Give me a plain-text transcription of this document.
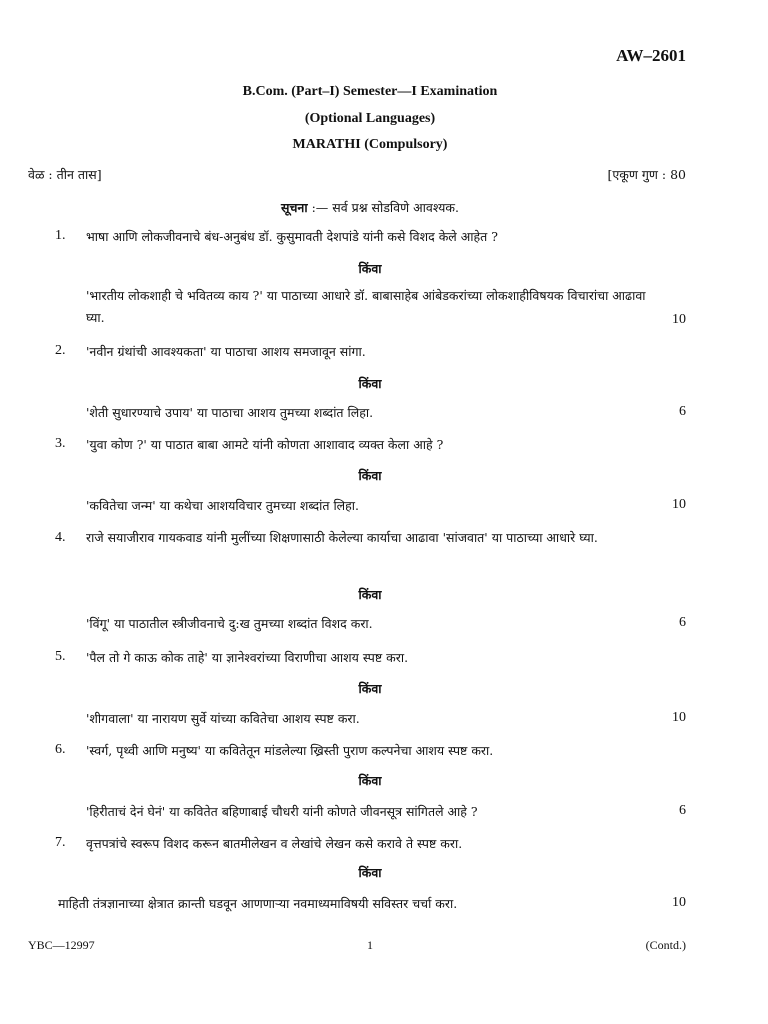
AW–2601
B.Com. (Part–I) Semester—I Examination
(Optional Languages)
MARATHI (Compulsory)
वेळ : तीन तास]	[एकूण गुण : 80
सूचना :— सर्व प्रश्न सोडविणे आवश्यक.
1. भाषा आणि लोकजीवनाचे बंध-अनुबंध डॉ. कुसुमावती देशपांडे यांनी कसे विशद केले आहेत ?
किंवा
'भारतीय लोकशाही चे भवितव्य काय ?' या पाठाच्या आधारे डॉ. बाबासाहेब आंबेडकरांच्या लोकशाहीविषयक विचारांचा आढावा घ्या.	10
2. 'नवीन ग्रंथांची आवश्यकता' या पाठाचा आशय समजावून सांगा.
किंवा
'शेती सुधारण्याचे उपाय' या पाठाचा आशय तुमच्या शब्दांत लिहा.	6
3. 'युवा कोण ?' या पाठात बाबा आमटे यांनी कोणता आशावाद व्यक्त केला आहे ?
किंवा
'कवितेचा जन्म' या कथेचा आशयविचार तुमच्या शब्दांत लिहा.	10
4. राजे सयाजीराव गायकवाड यांनी मुलींच्या शिक्षणासाठी केलेल्या कार्याचा आढावा 'सांजवात' या पाठाच्या आधारे घ्या.
किंवा
'विंगू' या पाठातील स्त्रीजीवनाचे दु:ख तुमच्या शब्दांत विशद करा.	6
5. 'पैल तो गे काऊ कोक ताहे' या ज्ञानेश्वरांच्या विराणीचा आशय स्पष्ट करा.
किंवा
'शीगवाला' या नारायण सुर्वे यांच्या कवितेचा आशय स्पष्ट करा.	10
6. 'स्वर्ग, पृथ्वी आणि मनुष्य' या कवितेतून मांडलेल्या ख्रिस्ती पुराण कल्पनेचा आशय स्पष्ट करा.
किंवा
'हिरीताचं देनं घेनं' या कवितेत बहिणाबाई चौधरी यांनी कोणते जीवनसूत्र सांगितले आहे ?	6
7. वृत्तपत्रांचे स्वरूप विशद करून बातमीलेखन व लेखांचे लेखन कसे करावे ते स्पष्ट करा.
किंवा
माहिती तंत्रज्ञानाच्या क्षेत्रात क्रान्ती घडवून आणणाऱ्या नवमाध्यमाविषयी सविस्तर चर्चा करा.	10
YBC—12997	1	(Contd.)
